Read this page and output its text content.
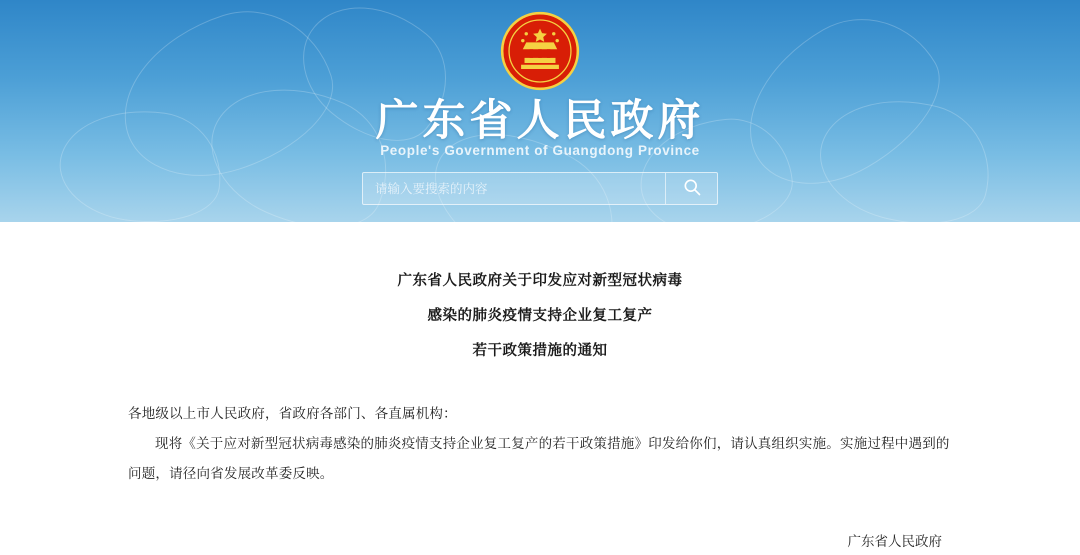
广东省人民政府
People's Government of Guangdong Province
请输入要搜索的内容
广东省人民政府关于印发应对新型冠状病毒
感染的肺炎疫情支持企业复工复产
若干政策措施的通知

各地级以上市人民政府，省政府各部门、各直属机构：

现将《关于应对新型冠状病毒感染的肺炎疫情支持企业复工复产的若干政策措施》印发给你们，请认真组织实施。实施过程中遇到的问题，请径向省发展改革委反映。

广东省人民政府
